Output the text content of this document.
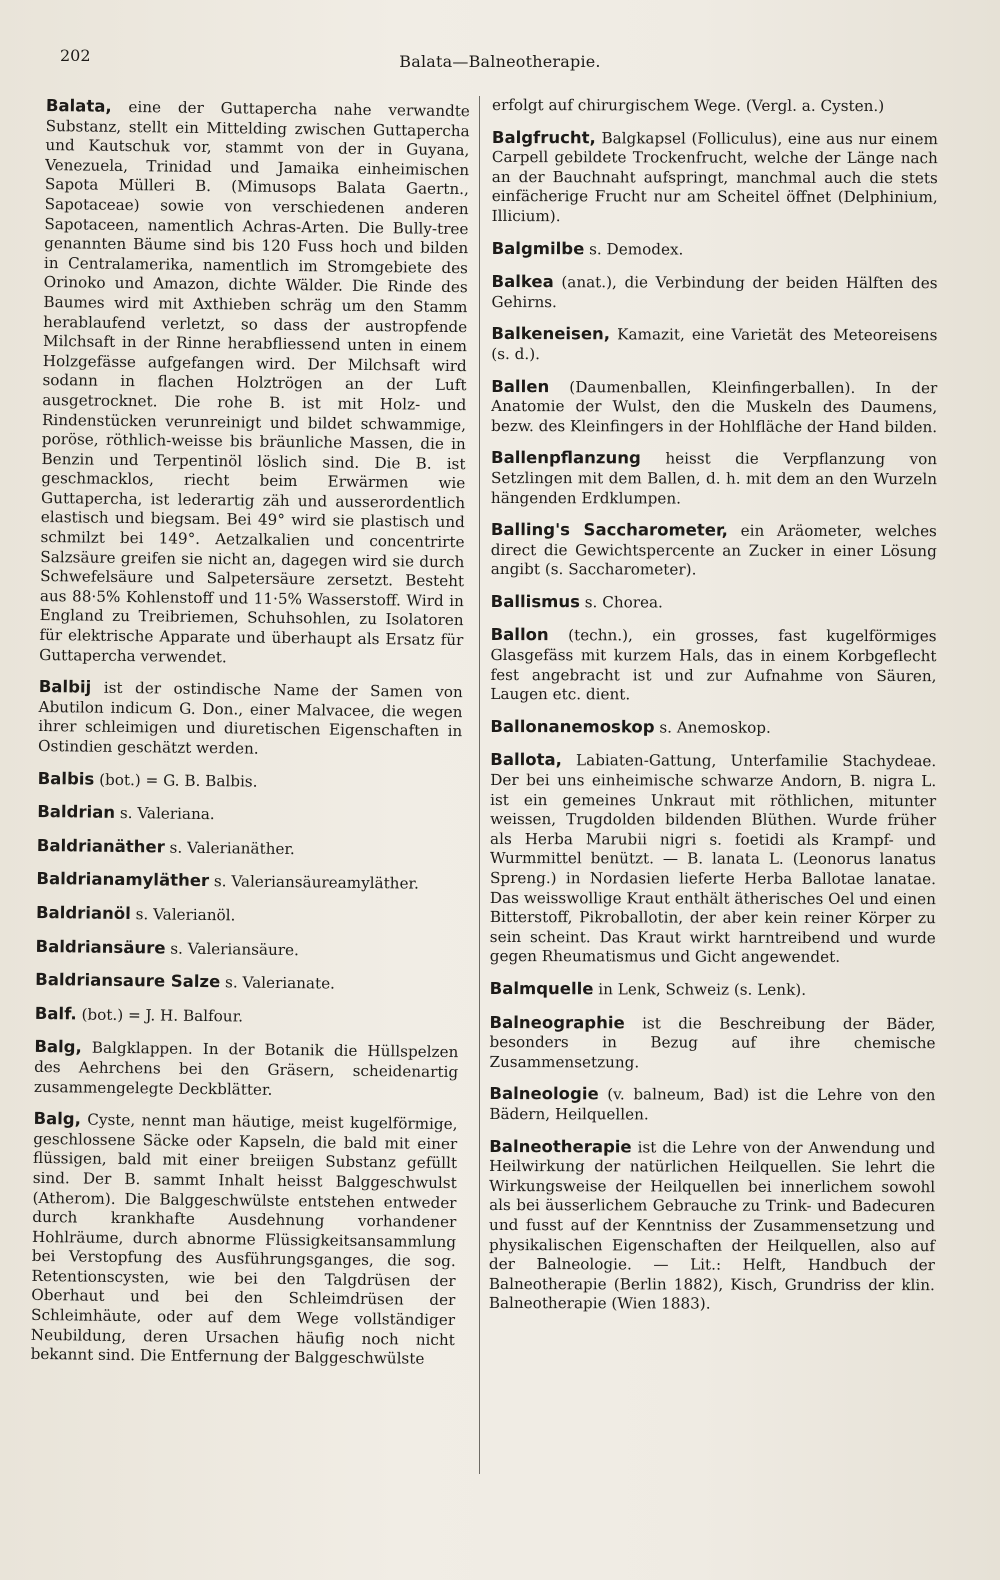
202	Balata—Balneotherapie.

Balata, eine der Guttapercha nahe verwandte Substanz, stellt ein Mittelding zwischen Guttapercha und Kautschuk vor, stammt von der in Guyana, Venezuela, Trinidad und Jamaika einheimischen Sapota Mülleri B. (Mimusops Balata Gaertn., Sapotaceae) sowie von verschiedenen anderen Sapotaceen, namentlich Achras-Arten. Die Bully-tree genannten Bäume sind bis 120 Fuss hoch und bilden in Centralamerika, namentlich im Stromgebiete des Orinoko und Amazon, dichte Wälder. Die Rinde des Baumes wird mit Axthieben schräg um den Stamm herablaufend verletzt, so dass der austropfende Milchsaft in der Rinne herabfliessend unten in einem Holzgefässe aufgefangen wird. Der Milchsaft wird sodann in flachen Holztrögen an der Luft ausgetrocknet. Die rohe B. ist mit Holz- und Rindenstücken verunreinigt und bildet schwammige, poröse, röthlich-weisse bis bräunliche Massen, die in Benzin und Terpentinöl löslich sind. Die B. ist geschmacklos, riecht beim Erwärmen wie Guttapercha, ist lederartig zäh und ausserordentlich elastisch und biegsam. Bei 49° wird sie plastisch und schmilzt bei 149°. Aetzalkalien und concentrirte Salzsäure greifen sie nicht an, dagegen wird sie durch Schwefelsäure und Salpetersäure zersetzt. Besteht aus 88·5% Kohlenstoff und 11·5% Wasserstoff. Wird in England zu Treibriemen, Schuhsohlen, zu Isolatoren für elektrische Apparate und überhaupt als Ersatz für Guttapercha verwendet.

Balbij ist der ostindische Name der Samen von Abutilon indicum G. Don., einer Malvacee, die wegen ihrer schleimigen und diuretischen Eigenschaften in Ostindien geschätzt werden.

Balbis (bot.) = G. B. Balbis.

Baldrian s. Valeriana.

Baldrianäther s. Valerianäther.

Baldrianamyläther s. Valeriansäureamyläther.

Baldrianöl s. Valerianöl.

Baldriansäure s. Valeriansäure.

Baldriansaure Salze s. Valerianate.

Balf. (bot.) = J. H. Balfour.

Balg, Balgklappen. In der Botanik die Hüllspelzen des Aehrchens bei den Gräsern, scheidenartig zusammengelegte Deckblätter.

Balg, Cyste, nennt man häutige, meist kugelförmige, geschlossene Säcke oder Kapseln, die bald mit einer flüssigen, bald mit einer breiigen Substanz gefüllt sind. Der B. sammt Inhalt heisst Balggeschwulst (Atherom). Die Balggeschwülste entstehen entweder durch krankhafte Ausdehnung vorhandener Hohlräume, durch abnorme Flüssigkeitsansammlung bei Verstopfung des Ausführungsganges, die sog. Retentionscysten, wie bei den Talgdrüsen der Oberhaut und bei den Schleimdrüsen der Schleimhäute, oder auf dem Wege vollständiger Neubildung, deren Ursachen häufig noch nicht bekannt sind. Die Entfernung der Balggeschwülste

erfolgt auf chirurgischem Wege. (Vergl. a. Cysten.)

Balgfrucht, Balgkapsel (Folliculus), eine aus nur einem Carpell gebildete Trockenfrucht, welche der Länge nach an der Bauchnaht aufspringt, manchmal auch die stets einfächerige Frucht nur am Scheitel öffnet (Delphinium, Illicium).

Balgmilbe s. Demodex.

Balkea (anat.), die Verbindung der beiden Hälften des Gehirns.

Balkeneisen, Kamazit, eine Varietät des Meteoreisens (s. d.).

Ballen (Daumenballen, Kleinfingerballen). In der Anatomie der Wulst, den die Muskeln des Daumens, bezw. des Kleinfingers in der Hohlfläche der Hand bilden.

Ballenpflanzung heisst die Verpflanzung von Setzlingen mit dem Ballen, d. h. mit dem an den Wurzeln hängenden Erdklumpen.

Balling's Saccharometer, ein Aräometer, welches direct die Gewichtspercente an Zucker in einer Lösung angibt (s. Saccharometer).

Ballismus s. Chorea.

Ballon (techn.), ein grosses, fast kugelförmiges Glasgefäss mit kurzem Hals, das in einem Korbgeflecht fest angebracht ist und zur Aufnahme von Säuren, Laugen etc. dient.

Ballonanemoskop s. Anemoskop.

Ballota, Labiaten-Gattung, Unterfamilie Stachydeae. Der bei uns einheimische schwarze Andorn, B. nigra L. ist ein gemeines Unkraut mit röthlichen, mitunter weissen, Trugdolden bildenden Blüthen. Wurde früher als Herba Marubii nigri s. foetidi als Krampf- und Wurmmittel benützt. — B. lanata L. (Leonorus lanatus Spreng.) in Nordasien lieferte Herba Ballotae lanatae. Das weisswollige Kraut enthält ätherisches Oel und einen Bitterstoff, Pikroballotin, der aber kein reiner Körper zu sein scheint. Das Kraut wirkt harntreibend und wurde gegen Rheumatismus und Gicht angewendet.

Balmquelle in Lenk, Schweiz (s. Lenk).

Balneographie ist die Beschreibung der Bäder, besonders in Bezug auf ihre chemische Zusammensetzung.

Balneologie (v. balneum, Bad) ist die Lehre von den Bädern, Heilquellen.

Balneotherapie ist die Lehre von der Anwendung und Heilwirkung der natürlichen Heilquellen. Sie lehrt die Wirkungsweise der Heilquellen bei innerlichem sowohl als bei äusserlichem Gebrauche zu Trink- und Badecuren und fusst auf der Kenntniss der Zusammensetzung und physikalischen Eigenschaften der Heilquellen, also auf der Balneologie. — Lit.: Helft, Handbuch der Balneotherapie (Berlin 1882), Kisch, Grundriss der klin. Balneotherapie (Wien 1883).
